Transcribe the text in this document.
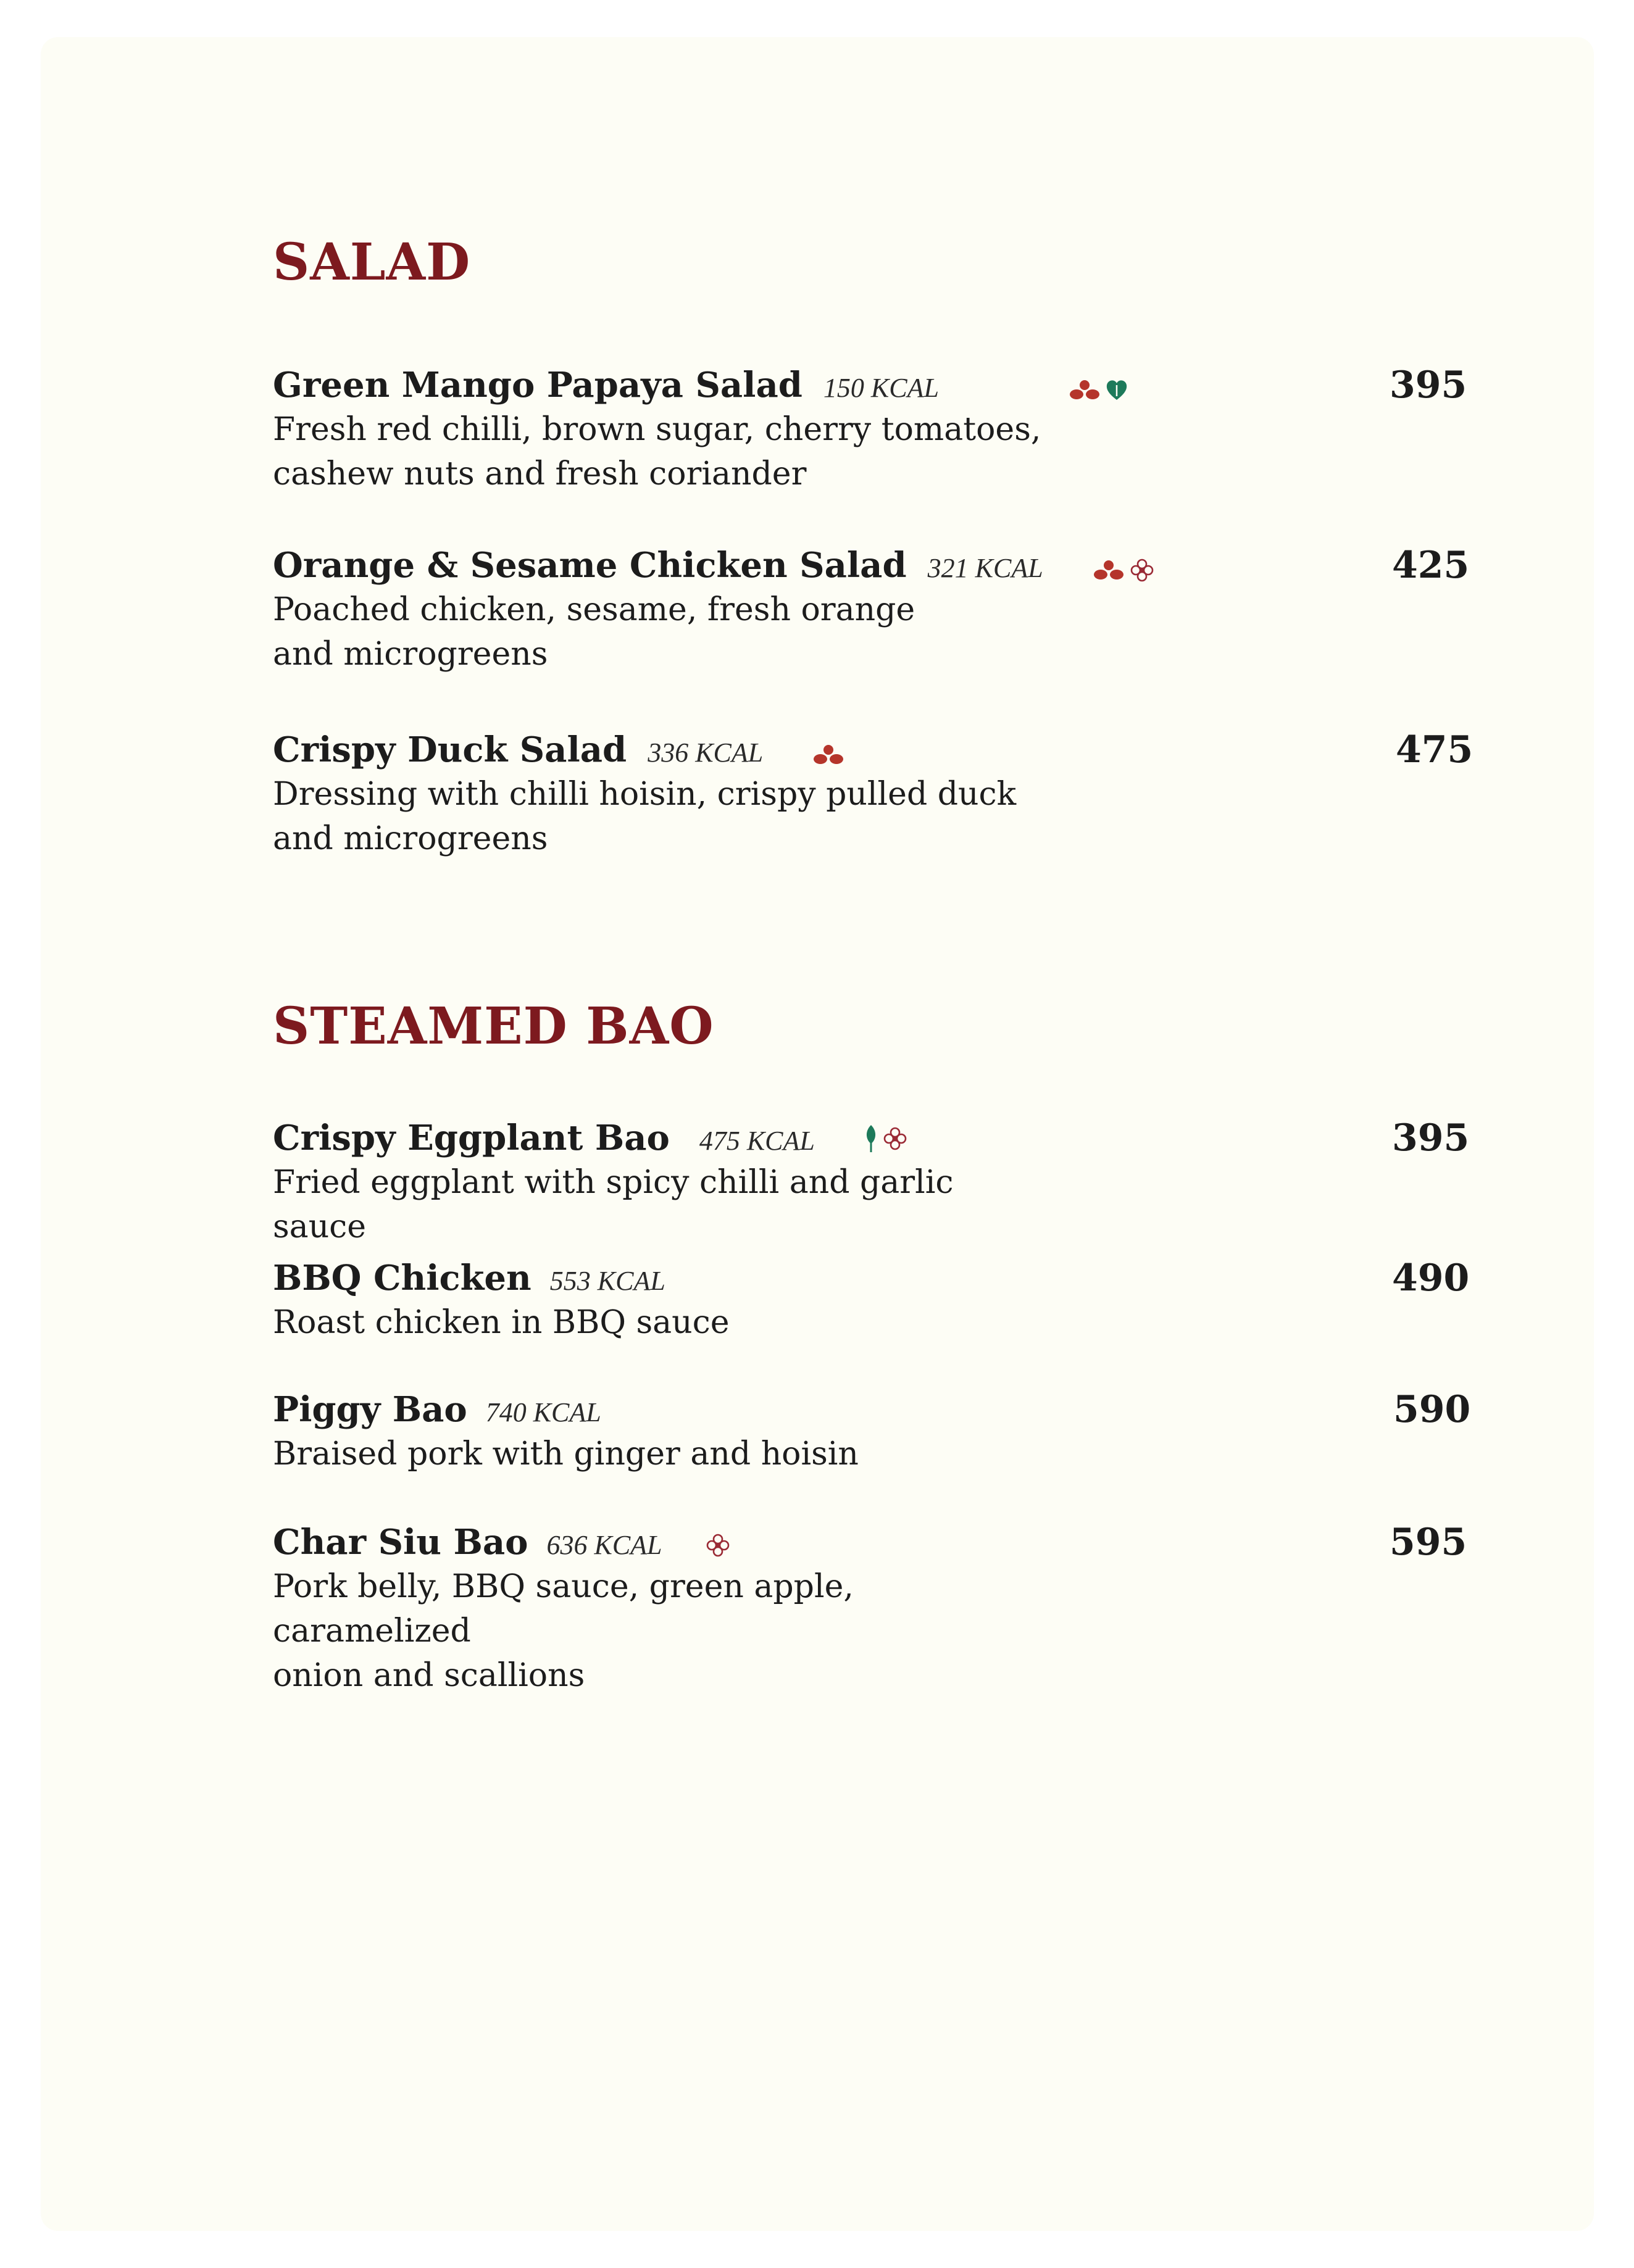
SALAD
Green Mango Papaya Salad 150 KCAL
Fresh red chilli, brown sugar, cherry tomatoes,
cashew nuts and fresh coriander
395
Orange & Sesame Chicken Salad 321 KCAL
Poached chicken, sesame, fresh orange
and microgreens
425
Crispy Duck Salad 336 KCAL
Dressing with chilli hoisin, crispy pulled duck
and microgreens
475
STEAMED BAO
Crispy Eggplant Bao 475 KCAL
Fried eggplant with spicy chilli and garlic sauce
395
BBQ Chicken 553 KCAL
Roast chicken in BBQ sauce
490
Piggy Bao 740 KCAL
Braised pork with ginger and hoisin
590
Char Siu Bao 636 KCAL
Pork belly, BBQ sauce, green apple, caramelized
onion and scallions
595
